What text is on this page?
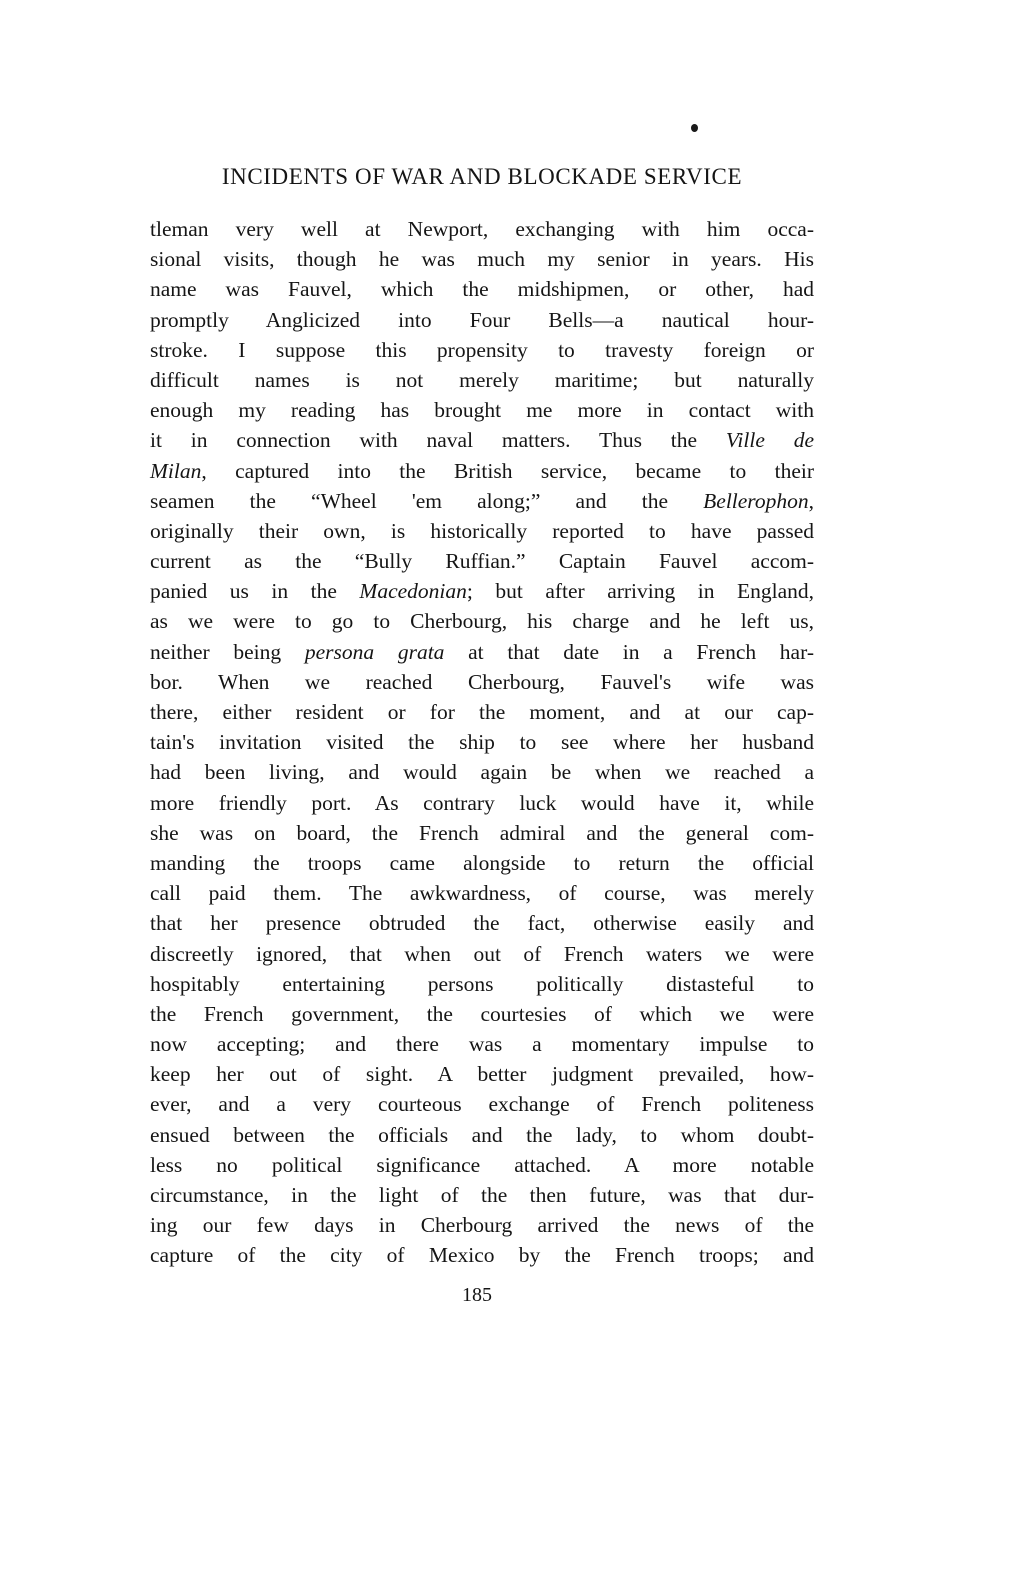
INCIDENTS OF WAR AND BLOCKADE SERVICE
tleman very well at Newport, exchanging with him occa-
sional visits, though he was much my senior in years. His
name was Fauvel, which the midshipmen, or other, had
promptly Anglicized into Four Bells—a nautical hour-
stroke. I suppose this propensity to travesty foreign or
difficult names is not merely maritime; but naturally
enough my reading has brought me more in contact with
it in connection with naval matters. Thus the Ville de
Milan, captured into the British service, became to their
seamen the “Wheel 'em along;” and the Bellerophon,
originally their own, is historically reported to have passed
current as the “Bully Ruffian.” Captain Fauvel accom-
panied us in the Macedonian; but after arriving in England,
as we were to go to Cherbourg, his charge and he left us,
neither being persona grata at that date in a French har-
bor. When we reached Cherbourg, Fauvel's wife was
there, either resident or for the moment, and at our cap-
tain's invitation visited the ship to see where her husband
had been living, and would again be when we reached a
more friendly port. As contrary luck would have it, while
she was on board, the French admiral and the general com-
manding the troops came alongside to return the official
call paid them. The awkwardness, of course, was merely
that her presence obtruded the fact, otherwise easily and
discreetly ignored, that when out of French waters we were
hospitably entertaining persons politically distasteful to
the French government, the courtesies of which we were
now accepting; and there was a momentary impulse to
keep her out of sight. A better judgment prevailed, how-
ever, and a very courteous exchange of French politeness
ensued between the officials and the lady, to whom doubt-
less no political significance attached. A more notable
circumstance, in the light of the then future, was that dur-
ing our few days in Cherbourg arrived the news of the
capture of the city of Mexico by the French troops; and
185
